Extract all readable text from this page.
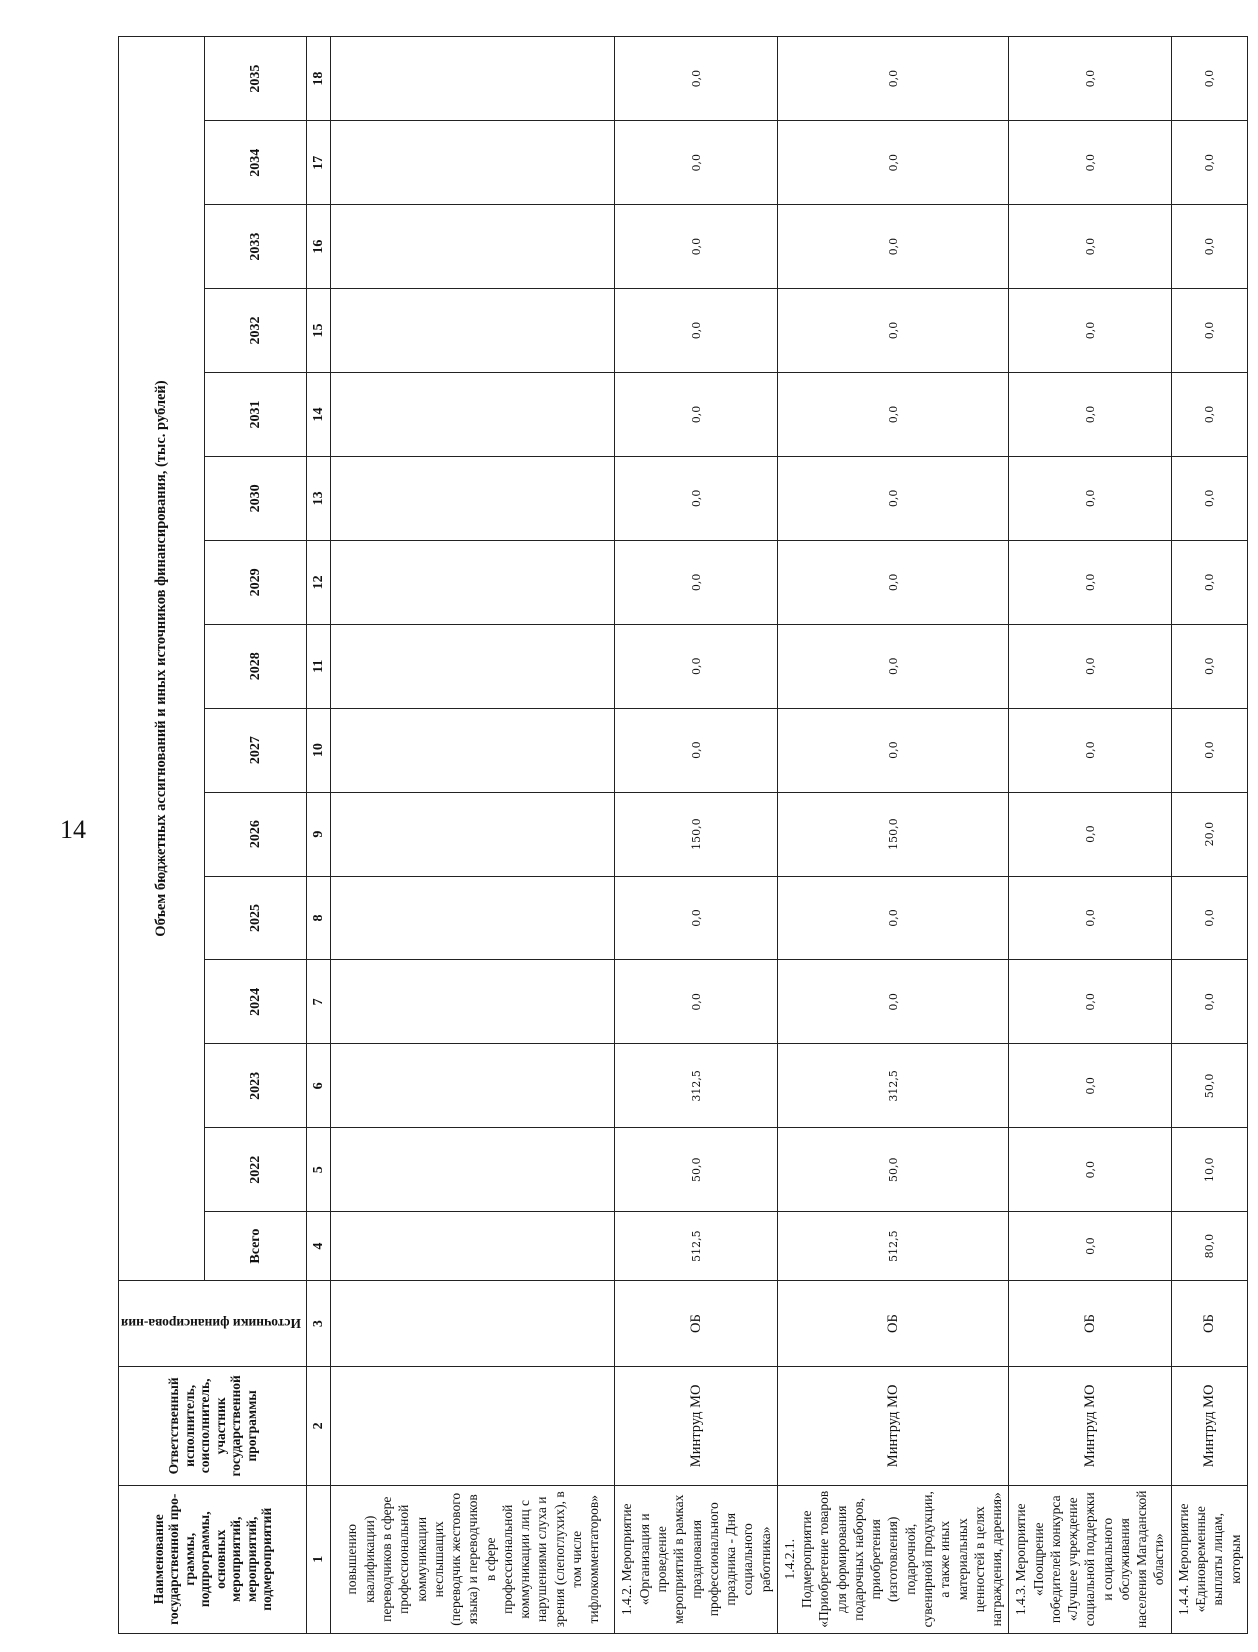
14
Наименование государственной про-граммы, подпрограммы, основных мероприятий, мероприятий, подмероприятий	Ответственный исполнитель, соисполнитель, участник государственной программы	Источники финансирова-ния	Объем бюджетных ассигнований и иных источников финансирования, (тыс. рублей)														
			Всего	2022	2023	2024	2025	2026	2027	2028	2029	2030	2031	2032	2033	2034	2035
1	2	3	4	5	6	7	8	9	10	11	12	13	14	15	16	17	18
повышению квалификации) переводчиков в сфере профессиональной коммуникации неслышащих (переводчик жестового языка) и переводчиков в сфере профессиональной коммуникации лиц с нарушениями слуха и зрения (слепоглухих), в том числе тифлокомментаторов»																	
1.4.2. Мероприятие «Организация и проведение мероприятий в рамках празднования профессионального праздника - Дня социального работника»	Минтруд МО	ОБ	512,5	50,0	312,5	0,0	0,0	150,0	0,0	0,0	0,0	0,0	0,0	0,0	0,0	0,0	0,0
1.4.2.1. Подмероприятие «Приобретение товаров для формирования подарочных наборов, приобретения (изготовления) подарочной, сувенирной продукции, а также иных материальных ценностей в целях награждения, дарения»	Минтруд МО	ОБ	512,5	50,0	312,5	0,0	0,0	150,0	0,0	0,0	0,0	0,0	0,0	0,0	0,0	0,0	0,0
1.4.3. Мероприятие «Поощрение победителей конкурса «Лучшее учреждение социальной поддержки и социального обслуживания населения Магаданской области»	Минтруд МО	ОБ	0,0	0,0	0,0	0,0	0,0	0,0	0,0	0,0	0,0	0,0	0,0	0,0	0,0	0,0	0,0
1.4.4. Мероприятие «Единовременные выплаты лицам, которым	Минтруд МО	ОБ	80,0	10,0	50,0	0,0	0,0	20,0	0,0	0,0	0,0	0,0	0,0	0,0	0,0	0,0	0,0
